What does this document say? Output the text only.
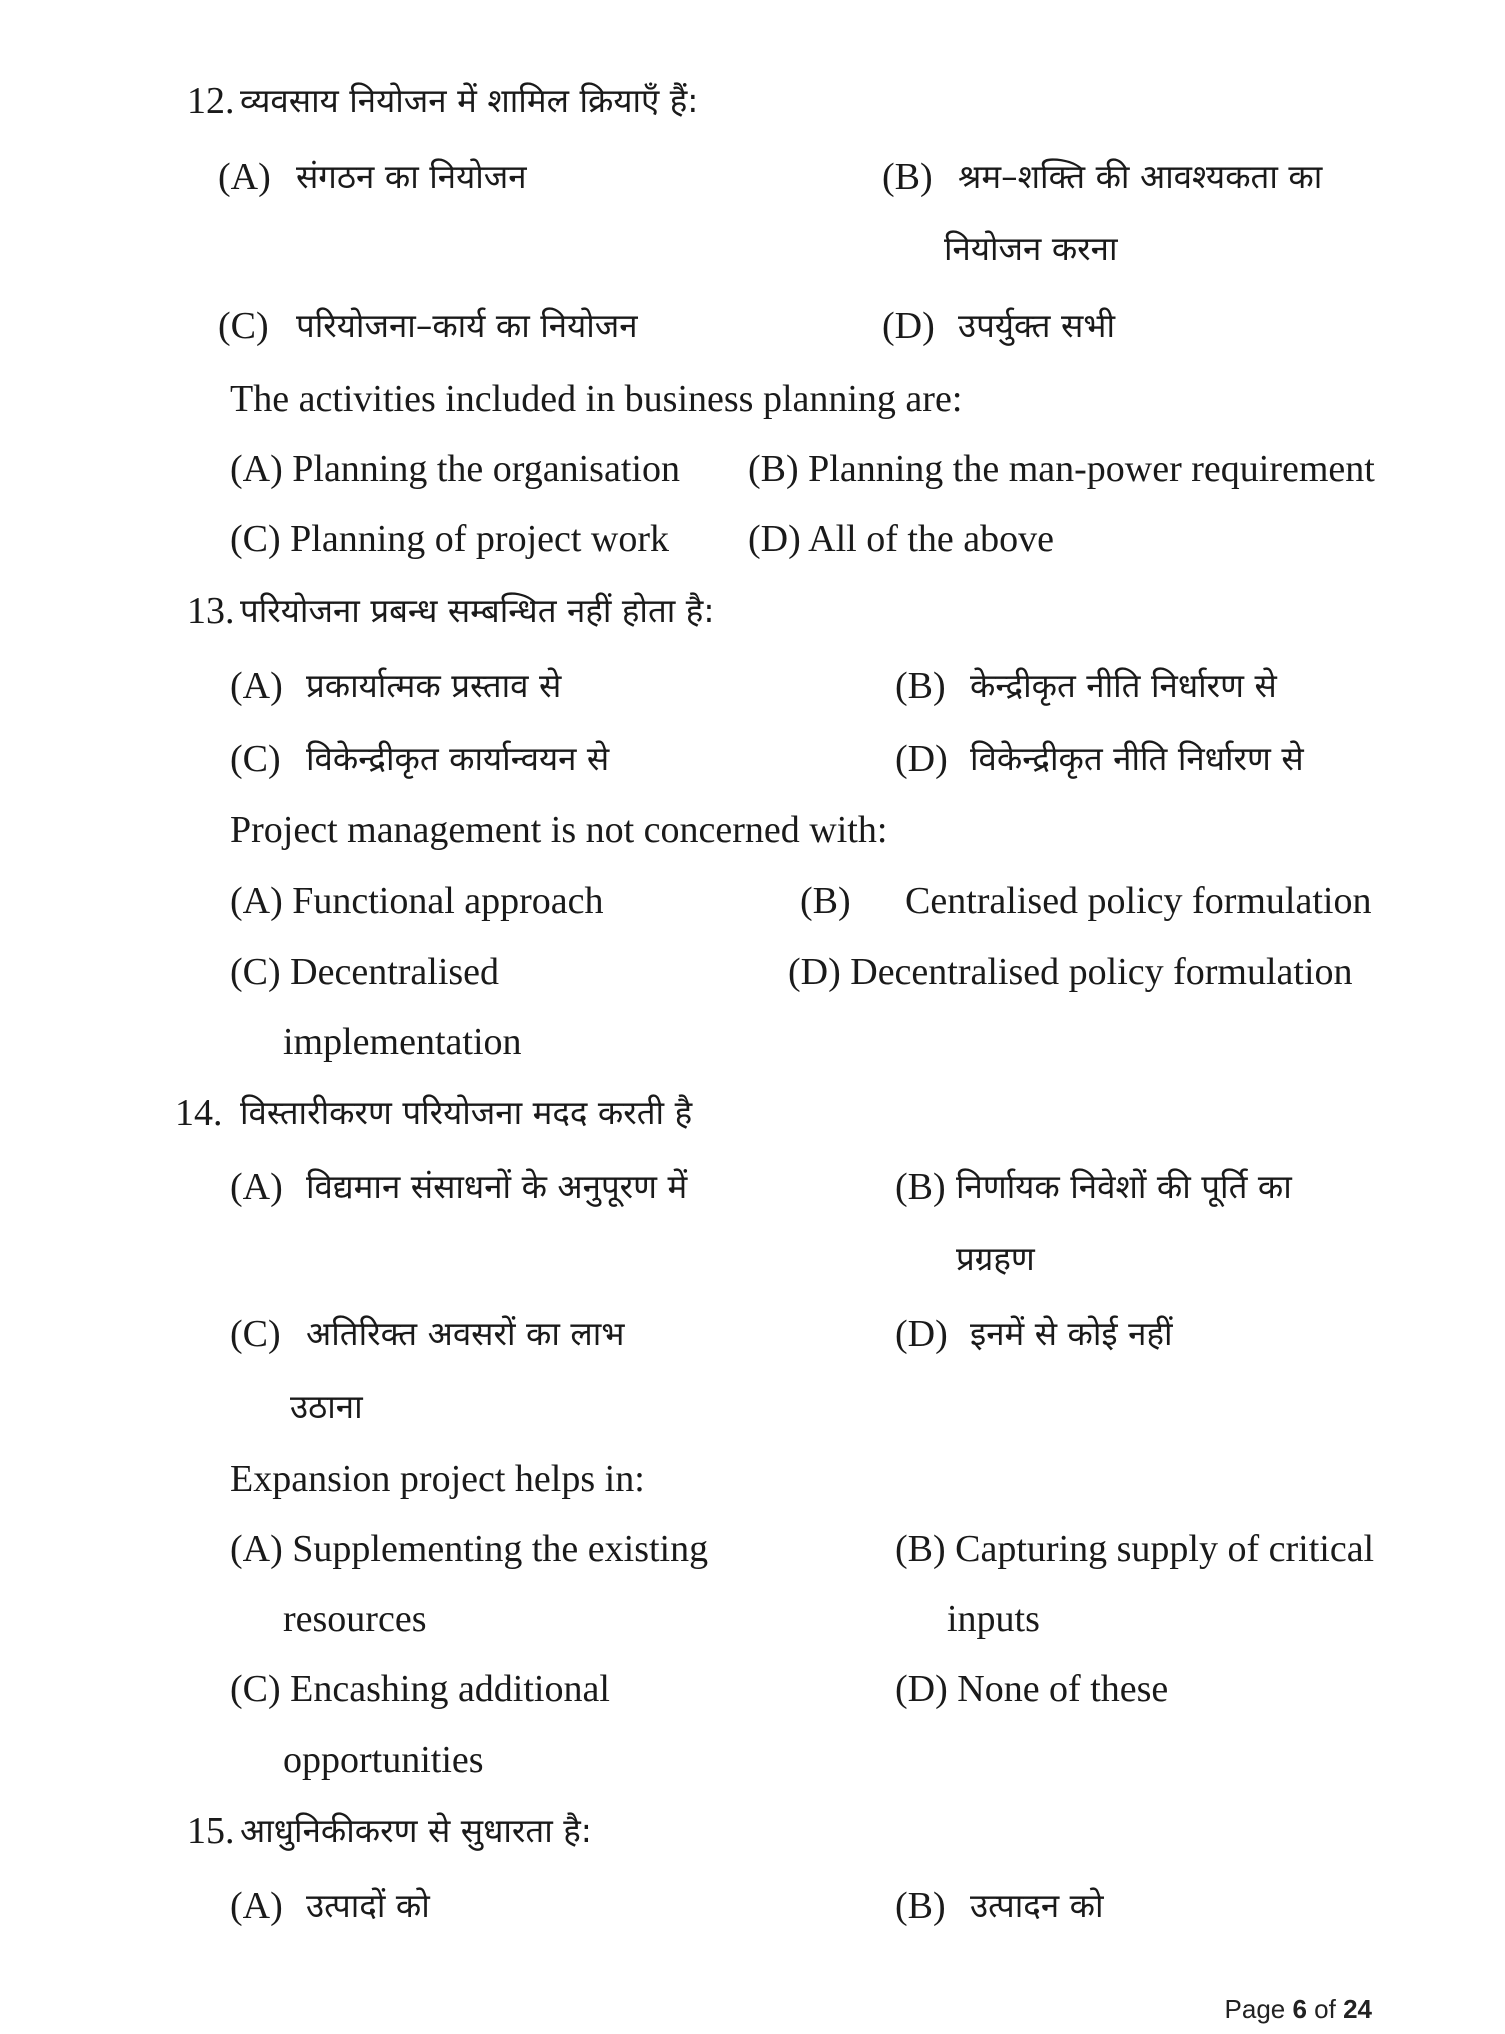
12. व्यवसाय नियोजन में शामिल क्रियाएँ हैं:
(A) संगठन का नियोजन	(B) श्रम–शक्ति की आवश्यकता का
नियोजन करना
(C) परियोजना–कार्य का नियोजन	(D) उपर्युक्त सभी
The activities included in business planning are:
(A) Planning the organisation (B) Planning the man-power requirement
(C) Planning of project work (D) All of the above
13. परियोजना प्रबन्ध सम्बन्धित नहीं होता है:
(A) प्रकार्यात्मक प्रस्ताव से	(B) केन्द्रीकृत नीति निर्धारण से
(C) विकेन्द्रीकृत कार्यान्वयन से	(D) विकेन्द्रीकृत नीति निर्धारण से
Project management is not concerned with:
(A) Functional approach	(B) Centralised policy formulation
(C) Decentralised	(D) Decentralised policy formulation
implementation
14. विस्तारीकरण परियोजना मदद करती है
(A) विद्यमान संसाधनों के अनुपूरण में	(B) निर्णायक निवेशों की पूर्ति का
प्रग्रहण
(C) अतिरिक्त अवसरों का लाभ	(D) इनमें से कोई नहीं
उठाना
Expansion project helps in:
(A) Supplementing the existing	(B) Capturing supply of critical
resources	inputs
(C) Encashing additional	(D) None of these
opportunities
15. आधुनिकीकरण से सुधारता है:
(A) उत्पादों को	(B) उत्पादन को
Page 6 of 24
